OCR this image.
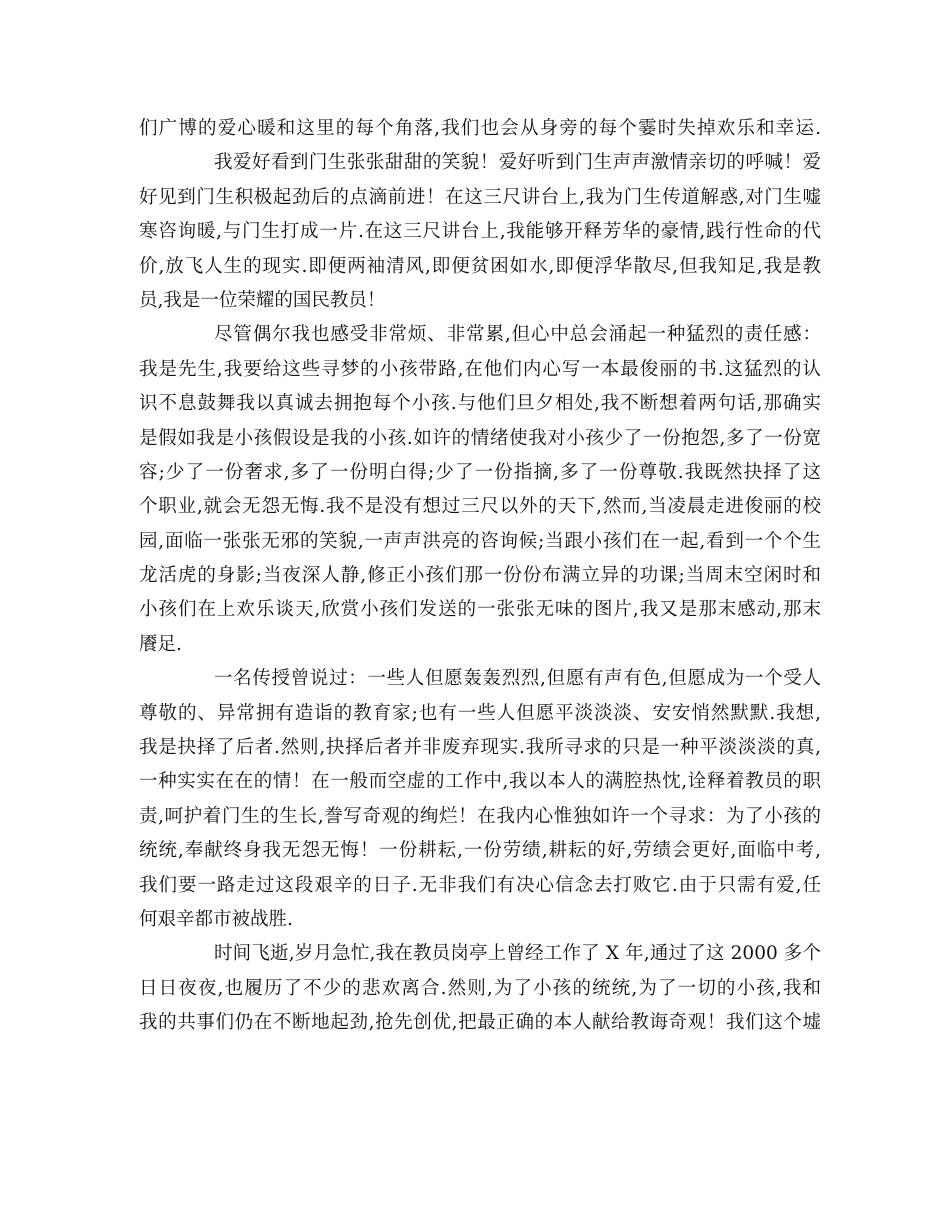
们广博的爱心暖和这里的每个角落,我们也会从身旁的每个霎时失掉欢乐和幸运.
我爱好看到门生张张甜甜的笑貌！爱好听到门生声声激情亲切的呼喊！爱
好见到门生积极起劲后的点滴前进！在这三尺讲台上,我为门生传道解惑,对门生嘘
寒咨询暖,与门生打成一片.在这三尺讲台上,我能够开释芳华的豪情,践行性命的代
价,放飞人生的现实.即便两袖清风,即便贫困如水,即便浮华散尽,但我知足,我是教
员,我是一位荣耀的国民教员！
尽管偶尔我也感受非常烦、非常累,但心中总会涌起一种猛烈的责任感：
我是先生,我要给这些寻梦的小孩带路,在他们内心写一本最俊丽的书.这猛烈的认
识不息鼓舞我以真诚去拥抱每个小孩.与他们旦夕相处,我不断想着两句话,那确实
是假如我是小孩假设是我的小孩.如许的情绪使我对小孩少了一份抱怨,多了一份宽
容;少了一份奢求,多了一份明白得;少了一份指摘,多了一份尊敬.我既然抉择了这
个职业,就会无怨无悔.我不是没有想过三尺以外的天下,然而,当凌晨走进俊丽的校
园,面临一张张无邪的笑貌,一声声洪亮的咨询候;当跟小孩们在一起,看到一个个生
龙活虎的身影;当夜深人静,修正小孩们那一份份布满立异的功课;当周末空闲时和
小孩们在上欢乐谈天,欣赏小孩们发送的一张张无味的图片,我又是那末感动,那末
餍足.
一名传授曾说过：一些人但愿轰轰烈烈,但愿有声有色,但愿成为一个受人
尊敬的、异常拥有造诣的教育家;也有一些人但愿平淡淡淡、安安悄然默默.我想,
我是抉择了后者.然则,抉择后者并非废弃现实.我所寻求的只是一种平淡淡淡的真,
一种实实在在的情！在一般而空虚的工作中,我以本人的满腔热忱,诠释着教员的职
责,呵护着门生的生长,誊写奇观的绚烂！在我内心惟独如许一个寻求：为了小孩的
统统,奉献终身我无怨无悔！一份耕耘,一份劳绩,耕耘的好,劳绩会更好,面临中考,
我们要一路走过这段艰辛的日子.无非我们有决心信念去打败它.由于只需有爱,任
何艰辛都市被战胜.
时间飞逝,岁月急忙,我在教员岗亭上曾经工作了 X 年,通过了这 2000 多个
日日夜夜,也履历了不少的悲欢离合.然则,为了小孩的统统,为了一切的小孩,我和
我的共事们仍在不断地起劲,抢先创优,把最正确的本人献给教诲奇观！我们这个墟
